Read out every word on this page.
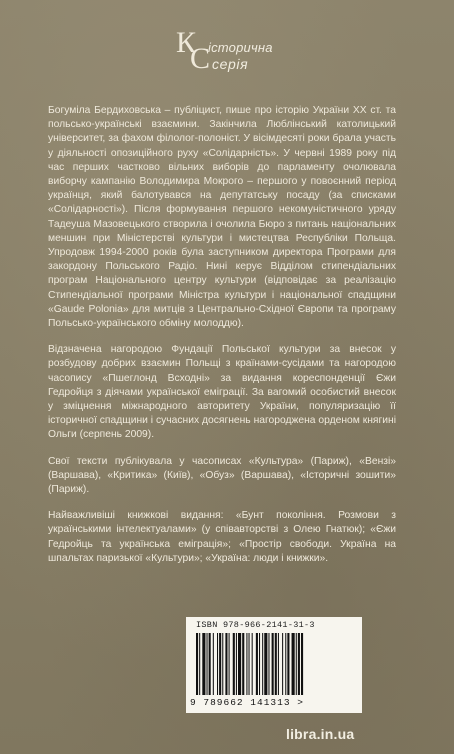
К
С
історична
серія

Богуміла Бердиховська – публіцист, пише про історію України XX ст. та польсько-українські взаємини. Закінчила Люблінський католицький університет, за фахом філолог-полоніст. У вісімдесяті роки брала участь у діяльності опозиційного руху «Солідарність». У червні 1989 року під час перших частково вільних виборів до парламенту очолювала виборчу кампанію Володимира Мокрого – першого у повоєнний період українця, який балотувався на депутатську посаду (за списками «Солідарності»). Після формування першого некомуністичного уряду Тадеуша Мазовецького створила і очолила Бюро з питань національних меншин при Міністерстві культури і мистецтва Республіки Польща. Упродовж 1994-2000 років була заступником директора Програми для закордону Польського Радіо. Нині керує Відділом стипендіальних програм Національного центру культури (відповідає за реалізацію Стипендіальної програми Міністра культури і національної спадщини «Gaude Polonia» для митців з Центрально-Східної Європи та програму Польсько-українського обміну молоддю).

Відзначена нагородою Фундації Польської культури за внесок у розбудову добрих взаємин Польщі з країнами-сусідами та нагородою часопису «Пшеглонд Всходні» за видання кореспонденції Єжи Гедройця з діячами української еміграції. За вагомий особистий внесок у зміцнення міжнародного авторитету України, популяризацію її історичної спадщини і сучасних досягнень нагороджена орденом княгині Ольги (серпень 2009).

Свої тексти публікувала у часописах «Культура» (Париж), «Вензі» (Варшава), «Критика» (Київ), «Обуз» (Варшава), «Історичні зошити» (Париж).

Найважливіші книжкові видання: «Бунт покоління. Розмови з українськими інтелектуалами» (у співавторстві з Олею Гнатюк); «Єжи Гедройць та українська еміграція»; «Простір свободи. Україна на шпальтах паризької «Культури»; «Україна: люди і книжки».

ISBN 978-966-2141-31-3
9 789662 141313 >
libra.in.ua
